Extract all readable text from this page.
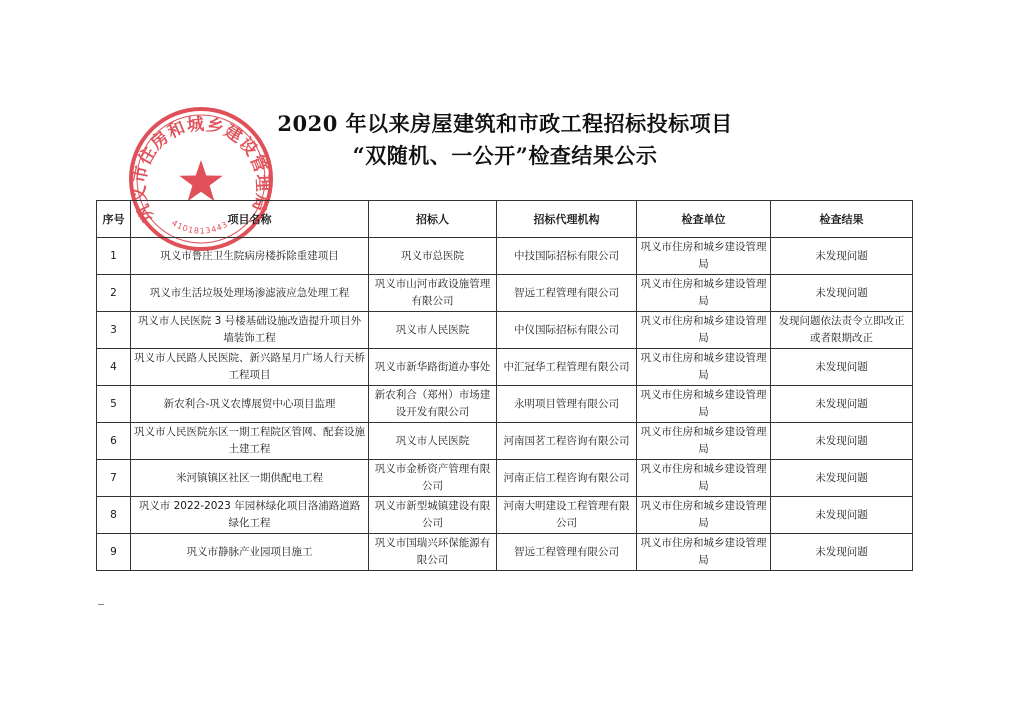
巩义市住房和城乡建设管理局
4101813443
2020 年以来房屋建筑和市政工程招标投标项目
“双随机、一公开”检查结果公示
序号	项目名称	招标人	招标代理机构	检查单位	检查结果
1	巩义市鲁庄卫生院病房楼拆除重建项目	巩义市总医院	中技国际招标有限公司	巩义市住房和城乡建设管理局	未发现问题
2	巩义市生活垃圾处理场渗滤液应急处理工程	巩义市山河市政设施管理有限公司	智远工程管理有限公司	巩义市住房和城乡建设管理局	未发现问题
3	巩义市人民医院 3 号楼基础设施改造提升项目外墙装饰工程	巩义市人民医院	中仪国际招标有限公司	巩义市住房和城乡建设管理局	发现问题依法责令立即改正或者限期改正
4	巩义市人民路人民医院、新兴路星月广场人行天桥工程项目	巩义市新华路街道办事处	中汇冠华工程管理有限公司	巩义市住房和城乡建设管理局	未发现问题
5	新农利合-巩义农博展贸中心项目监理	新农利合（郑州）市场建设开发有限公司	永明项目管理有限公司	巩义市住房和城乡建设管理局	未发现问题
6	巩义市人民医院东区一期工程院区管网、配套设施土建工程	巩义市人民医院	河南国茗工程咨询有限公司	巩义市住房和城乡建设管理局	未发现问题
7	米河镇镇区社区一期供配电工程	巩义市金桥资产管理有限公司	河南正信工程咨询有限公司	巩义市住房和城乡建设管理局	未发现问题
8	巩义市 2022-2023 年园林绿化项目洛浦路道路绿化工程	巩义市新型城镇建设有限公司	河南大明建设工程管理有限公司	巩义市住房和城乡建设管理局	未发现问题
9	巩义市静脉产业园项目施工	巩义市国瑞兴环保能源有限公司	智远工程管理有限公司	巩义市住房和城乡建设管理局	未发现问题
